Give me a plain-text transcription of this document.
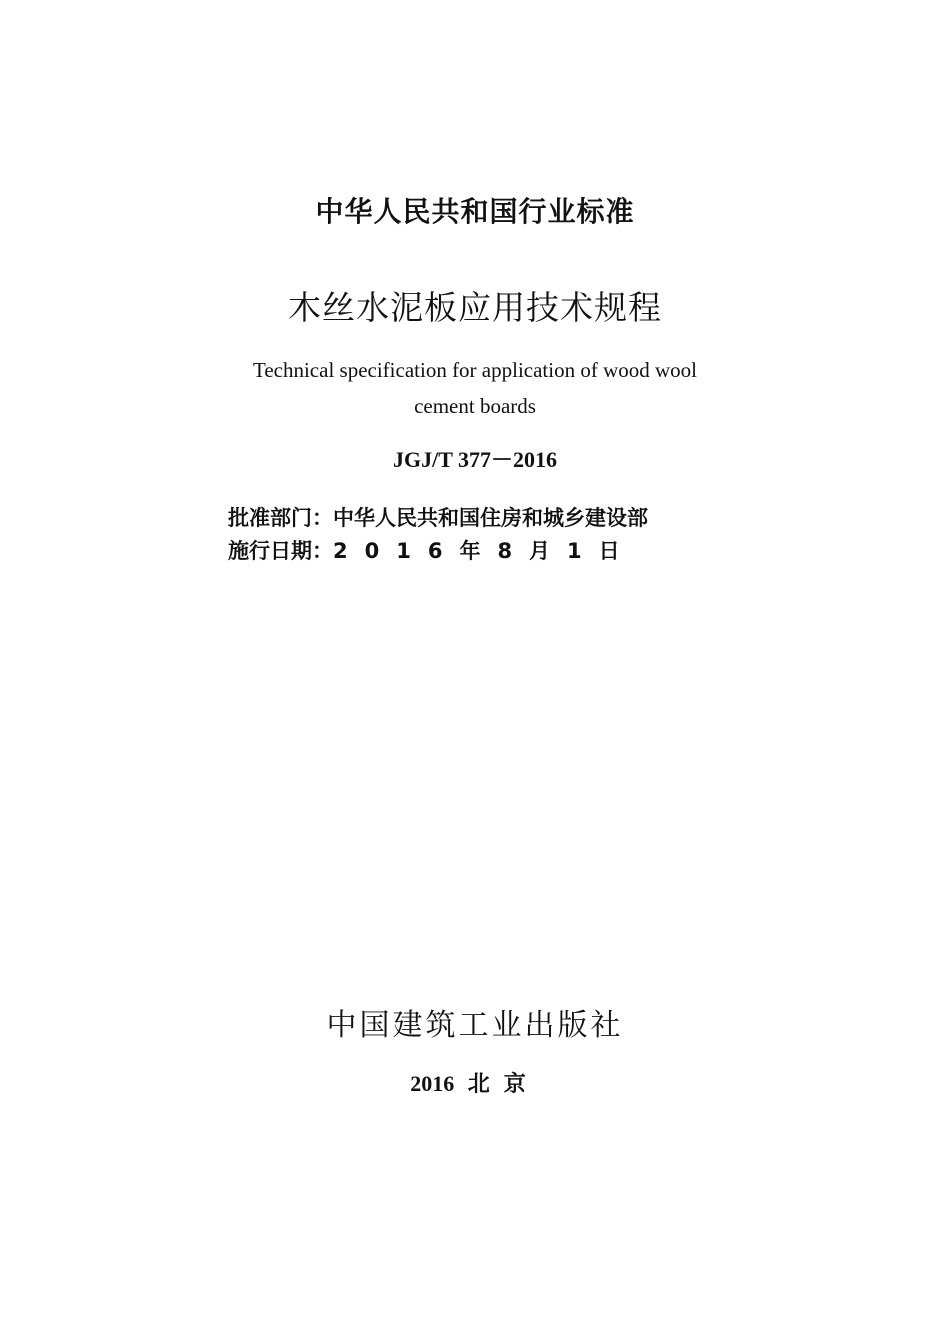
中华人民共和国行业标准
木丝水泥板应用技术规程
Technical specification for application of wood wool
cement boards
JGJ/T 377－2016
批准部门：中华人民共和国住房和城乡建设部
施行日期：2016年8月1日
中国建筑工业出版社
2016 北京
